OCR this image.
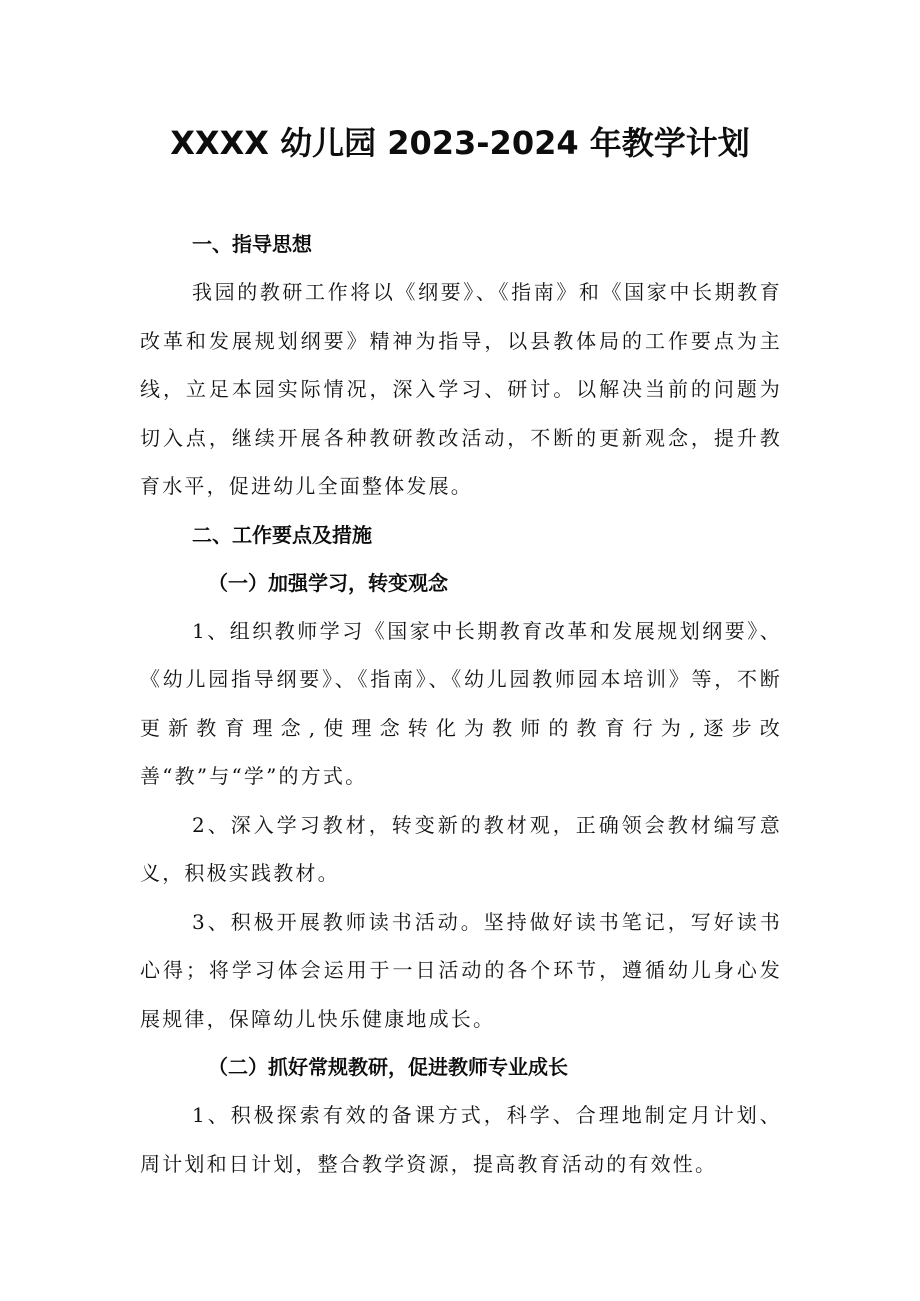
XXXX 幼儿园 2023-2024 年教学计划
一、指导思想
我园的教研工作将以《纲要》、《指南》和《国家中长期教育改革和发展规划纲要》精神为指导，以县教体局的工作要点为主线，立足本园实际情况，深入学习、研讨。以解决当前的问题为切入点，继续开展各种教研教改活动，不断的更新观念，提升教育水平，促进幼儿全面整体发展。
二、工作要点及措施
（一）加强学习，转变观念
1、组织教师学习《国家中长期教育改革和发展规划纲要》、《幼儿园指导纲要》、《指南》、《幼儿园教师园本培训》等，不断更新教育理念,使理念转化为教师的教育行为,逐步改善“教”与“学”的方式。
2、深入学习教材，转变新的教材观，正确领会教材编写意义，积极实践教材。
3、积极开展教师读书活动。坚持做好读书笔记，写好读书心得；将学习体会运用于一日活动的各个环节，遵循幼儿身心发展规律，保障幼儿快乐健康地成长。
（二）抓好常规教研，促进教师专业成长
1、积极探索有效的备课方式，科学、合理地制定月计划、周计划和日计划，整合教学资源，提高教育活动的有效性。
